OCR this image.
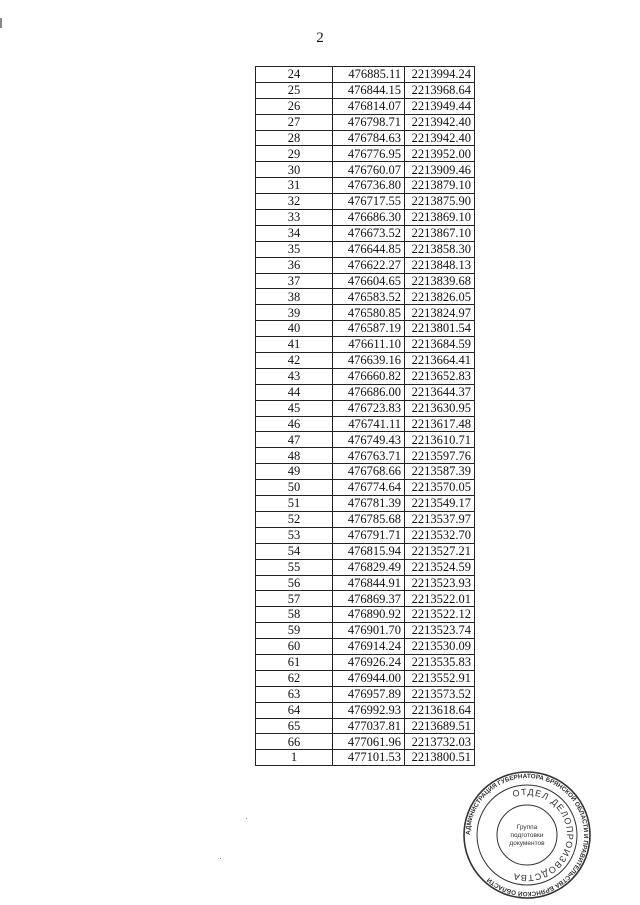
2
24	476885.11	2213994.24
25	476844.15	2213968.64
26	476814.07	2213949.44
27	476798.71	2213942.40
28	476784.63	2213942.40
29	476776.95	2213952.00
30	476760.07	2213909.46
31	476736.80	2213879.10
32	476717.55	2213875.90
33	476686.30	2213869.10
34	476673.52	2213867.10
35	476644.85	2213858.30
36	476622.27	2213848.13
37	476604.65	2213839.68
38	476583.52	2213826.05
39	476580.85	2213824.97
40	476587.19	2213801.54
41	476611.10	2213684.59
42	476639.16	2213664.41
43	476660.82	2213652.83
44	476686.00	2213644.37
45	476723.83	2213630.95
46	476741.11	2213617.48
47	476749.43	2213610.71
48	476763.71	2213597.76
49	476768.66	2213587.39
50	476774.64	2213570.05
51	476781.39	2213549.17
52	476785.68	2213537.97
53	476791.71	2213532.70
54	476815.94	2213527.21
55	476829.49	2213524.59
56	476844.91	2213523.93
57	476869.37	2213522.01
58	476890.92	2213522.12
59	476901.70	2213523.74
60	476914.24	2213530.09
61	476926.24	2213535.83
62	476944.00	2213552.91
63	476957.89	2213573.52
64	476992.93	2213618.64
65	477037.81	2213689.51
66	477061.96	2213732.03
1	477101.53	2213800.51
АДМИНИСТРАЦИЯ ГУБЕРНАТОРА БРЯНСКОЙ ОБЛАСТИ И ПРАВИТЕЛЬСТВА БРЯНСКОЙ ОБЛАСТИ
ОТДЕЛ ДЕЛОПРОИЗВОДСТВА
Группа
подготовки
документов
